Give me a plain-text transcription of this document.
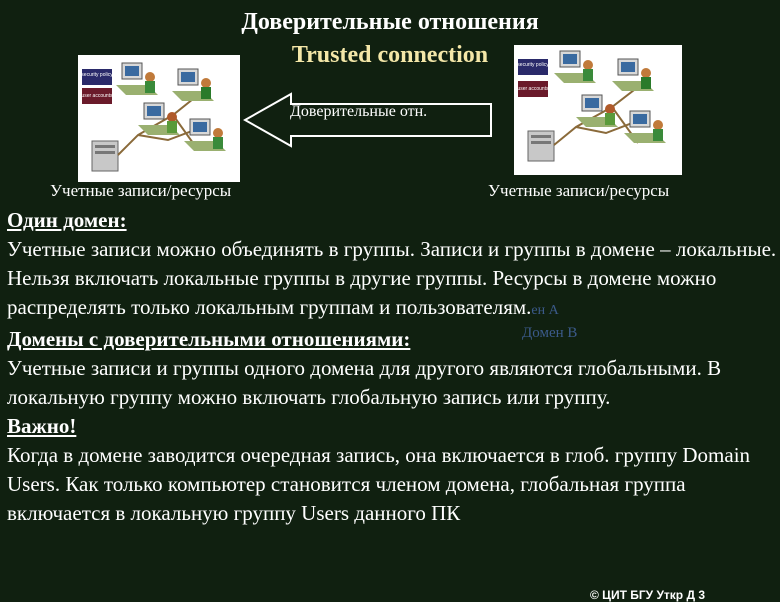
Доверительные отношения
Trusted connection
security policy
user accounts
Доверительные отн.
security policy
user accounts
Учетные записи/ресурсы	Учетные записи/ресурсы
Домен В

Один домен:

Учетные записи можно объединять в группы. Записи и группы в домене – локальные. Нельзя включать локальные группы в другие группы. Ресурсы в домене можно распределять только локальным группам и пользователям.ен А

Домены с доверительными отношениями:

Учетные записи и группы одного домена для другого являются глобальными. В локальную группу можно включать глобальную запись или группу.

Важно!

Когда в домене заводится очередная запись, она включается в глоб. группу Domain Users. Как только компьютер становится членом домена, глобальная группа включается в локальную группу Users данного ПК

© ЦИТ БГУ Уткр Д 3
